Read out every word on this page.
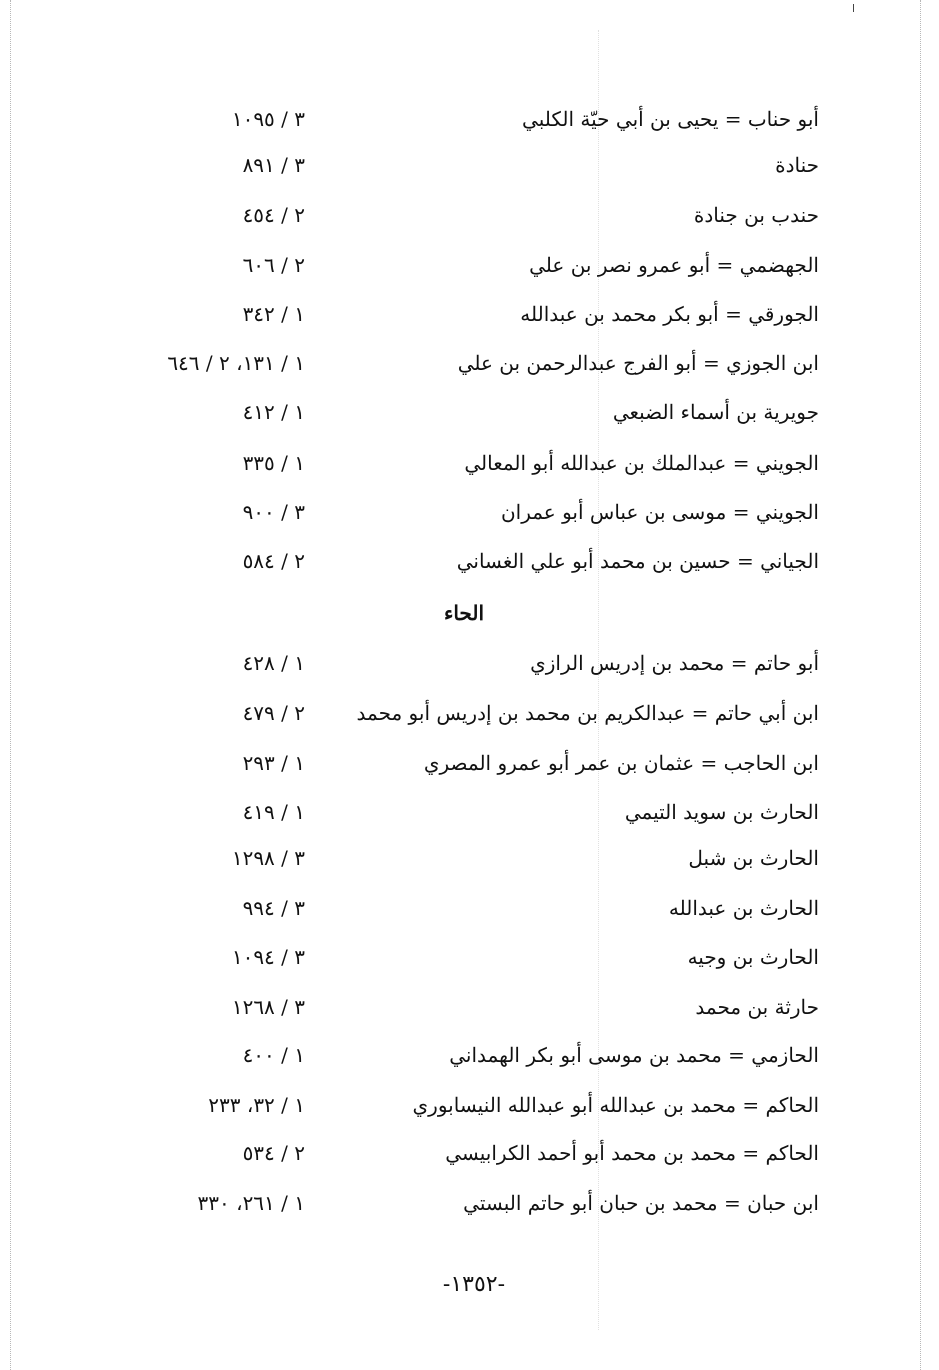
أبو حناب = يحيى بن أبي حيّة الكلبي
٣ / ١٠٩٥
حنادة
٣ / ٨٩١
حندب بن جنادة
٢ / ٤٥٤
الجهضمي = أبو عمرو نصر بن علي
٢ / ٦٠٦
الجورقي = أبو بكر محمد بن عبدالله
١ / ٣٤٢
ابن الجوزي = أبو الفرج عبدالرحمن بن علي
١ / ١٣١، ٢ / ٦٤٦
جويرية بن أسماء الضبعي
١ / ٤١٢
الجويني = عبدالملك بن عبدالله أبو المعالي
١ / ٣٣٥
الجويني = موسى بن عباس أبو عمران
٣ / ٩٠٠
الجياني = حسين بن محمد أبو علي الغساني
٢ / ٥٨٤
الحاء
أبو حاتم = محمد بن إدريس الرازي
١ / ٤٢٨
ابن أبي حاتم = عبدالكريم بن محمد بن إدريس أبو محمد
٢ / ٤٧٩
ابن الحاجب = عثمان بن عمر أبو عمرو المصري
١ / ٢٩٣
الحارث بن سويد التيمي
١ / ٤١٩
الحارث بن شبل
٣ / ١٢٩٨
الحارث بن عبدالله
٣ / ٩٩٤
الحارث بن وجيه
٣ / ١٠٩٤
حارثة بن محمد
٣ / ١٢٦٨
الحازمي = محمد بن موسى أبو بكر الهمداني
١ / ٤٠٠
الحاكم = محمد بن عبدالله أبو عبدالله النيسابوري
١ / ٣٢، ٢٣٣
الحاكم = محمد بن محمد أبو أحمد الكرابيسي
٢ / ٥٣٤
ابن حبان = محمد بن حبان أبو حاتم البستي
١ / ٢٦١، ٣٣٠
-١٣٥٢-
